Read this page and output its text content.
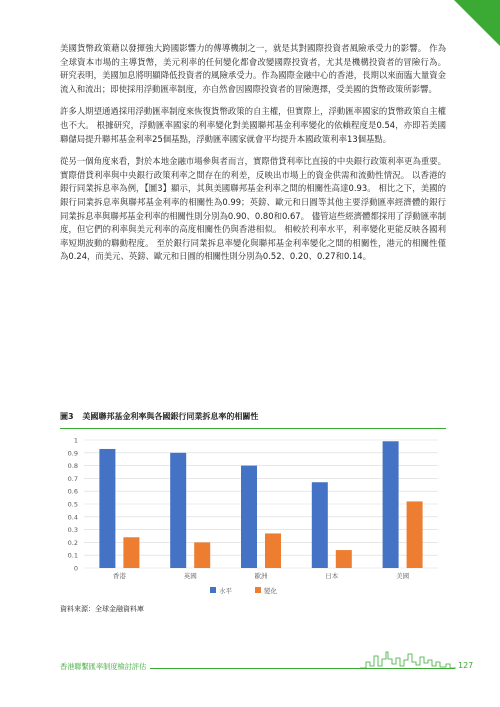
美國貨幣政策藉以發揮強大跨國影響力的傳導機制之一，就是其對國際投資者風險承受力的影響。 作為全球資本市場的主導貨幣，美元利率的任何變化都會改變國際投資者，尤其是機構投資者的冒險行為。 研究表明，美國加息將明顯降低投資者的風險承受力。作為國際金融中心的香港，長期以來面臨大量資金流入和流出；即使採用浮動匯率制度，亦自然會因國際投資者的冒險選擇，受美國的貨幣政策所影響。

許多人期望通過採用浮動匯率制度來恢復貨幣政策的自主權，但實際上，浮動匯率國家的貨幣政策自主權也不大。 根據研究，浮動匯率國家的利率變化對美國聯邦基金利率變化的依賴程度是0.54，亦即若美國聯儲局提升聯邦基金利率25個基點，浮動匯率國家就會平均提升本國政策利率13個基點。

從另一個角度來看，對於本地金融市場參與者而言，實際借貸利率比直接的中央銀行政策利率更為重要。 實際借貸利率與中央銀行政策利率之間存在的利差，反映出市場上的資金供需和流動性情況。 以香港的銀行同業拆息率為例，【圖3】顯示，其與美國聯邦基金利率之間的相關性高達0.93。 相比之下，美國的銀行同業拆息率與聯邦基金利率的相關性為0.99；英鎊、歐元和日圓等其他主要浮動匯率經濟體的銀行同業拆息率與聯邦基金利率的相關性則分別為0.90、0.80和0.67。 儘管這些經濟體都採用了浮動匯率制度，但它們的利率與美元利率的高度相關性仍與香港相似。 相較於利率水平，利率變化更能反映各國利率短期波動的聯動程度。 至於銀行同業拆息率變化與聯邦基金利率變化之間的相關性，港元的相關性僅為0.24，而美元、英鎊、歐元和日圓的相關性則分別為0.52、0.20、0.27和0.14。

圖3 美國聯邦基金利率與各國銀行同業拆息率的相關性
0
0.1
0.2
0.3
0.4
0.5
0.6
0.7
0.8
0.9
1
香港	英國	歐洲	日本	美國
水平	變化
資料來源：全球金融資料庫
香港聯繫匯率制度檢討評估	127
